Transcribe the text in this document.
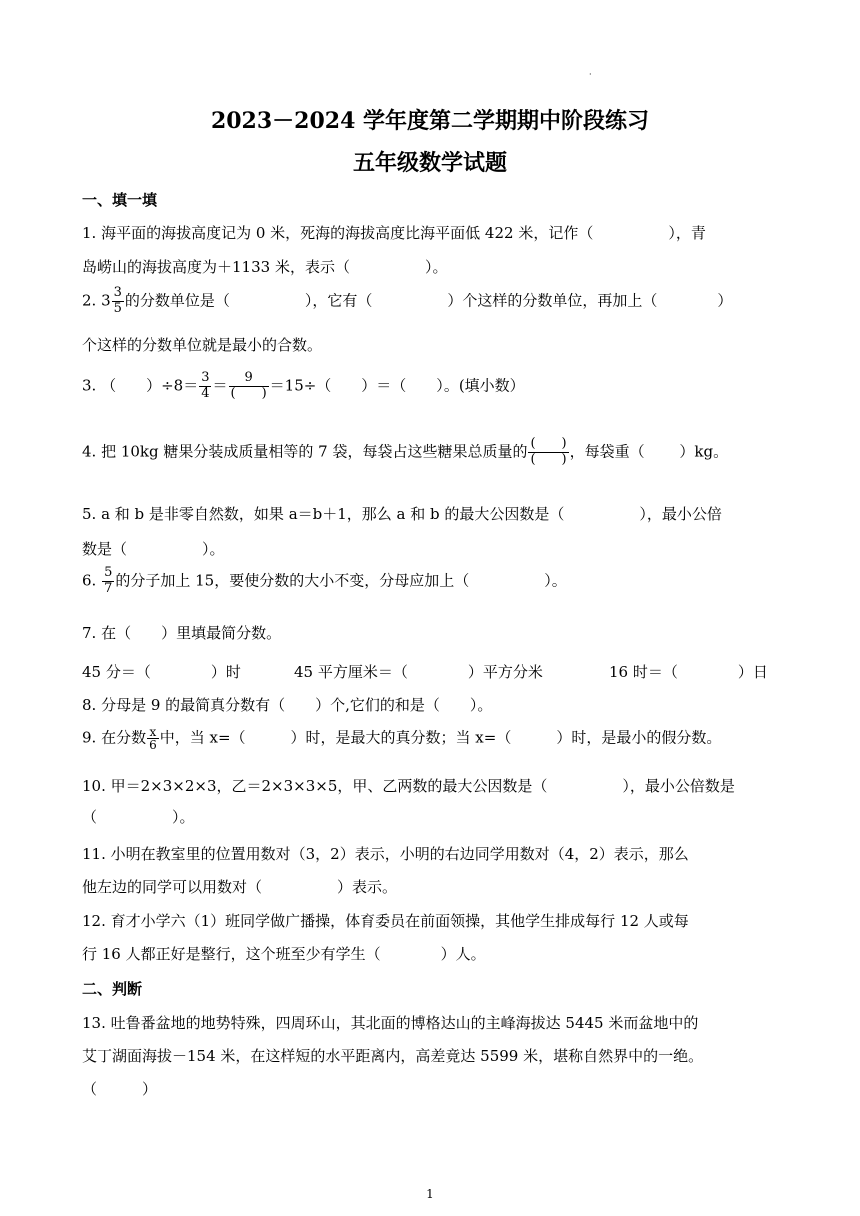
·
2023－2024 学年度第二学期期中阶段练习
五年级数学试题
一、填一填
1. 海平面的海拔高度记为 0 米，死海的海拔高度比海平面低 422 米，记作（　　　　　），青
岛崂山的海拔高度为＋1133 米，表示（　　　　　）。
2. $3 \frac{3}{5}$ 的分数单位是（　　　　　），它有（　　　　　）个这样的分数单位，再加上（　　　　）
个这样的分数单位就是最小的合数。
3. （　　）$\div 8= \frac{3}{4} = \frac{9}{( )} =15\div$（　　）＝（　　）。(填小数）
4. 把 10kg 糖果分装成质量相等的 7 袋，每袋占这些糖果总质量的 $\frac{( )}{( )}$ ，每袋重（　　 ）kg。
5. a 和 b 是非零自然数，如果 a＝b＋1，那么 a 和 b 的最大公因数是（　　　　　），最小公倍
数是（　　　　　）。
6. $\frac{5}{7}$ 的分子加上 15，要使分数的大小不变，分母应加上（　　　　　）。
7. 在（　　）里填最简分数。
45 分＝（　　　　）时	45 平方厘米＝（　　　　）平方分米	16 时＝（　　　　）日
8. 分母是 9 的最简真分数有（　　）个,它们的和是（　　）。
9. 在分数 $\frac{x}{6}$ 中，当 x=（　　　）时，是最大的真分数；当 x=（　　　）时，是最小的假分数。
10. 甲＝2×3×2×3，乙＝2×3×3×5，甲、乙两数的最大公因数是（　　　　　），最小公倍数是
（　　　　　）。
11. 小明在教室里的位置用数对（3，2）表示，小明的右边同学用数对（4，2）表示，那么
他左边的同学可以用数对（　　　　　）表示。
12. 育才小学六（1）班同学做广播操，体育委员在前面领操，其他学生排成每行 12 人或每
行 16 人都正好是整行，这个班至少有学生（　　　　）人。
二、判断
13. 吐鲁番盆地的地势特殊，四周环山，其北面的博格达山的主峰海拔达 5445 米而盆地中的
艾丁湖面海拔－154 米，在这样短的水平距离内，高差竟达 5599 米，堪称自然界中的一绝。
（　　　）
1
